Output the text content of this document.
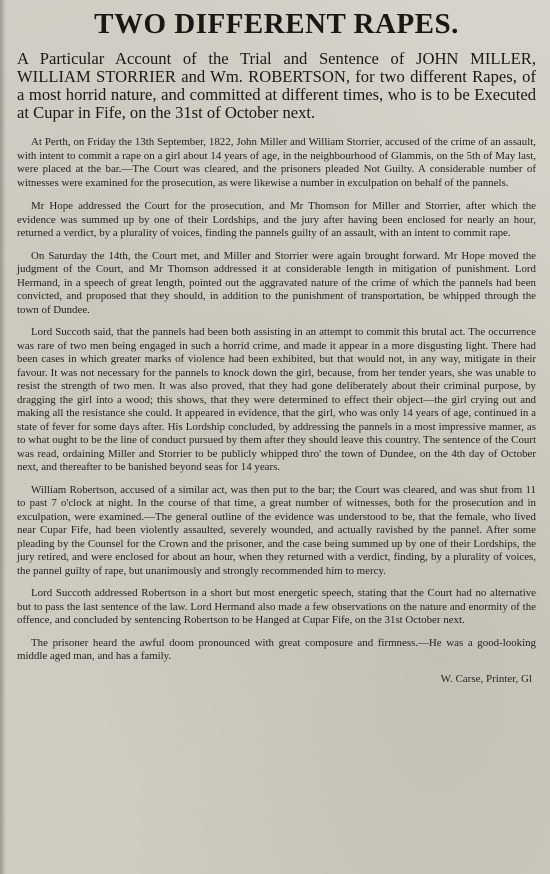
TWO DIFFERENT RAPES.

A Particular Account of the Trial and Sentence of JOHN MILLER, WILLIAM STORRIER and Wm. ROBERTSON, for two different Rapes, of a most horrid nature, and committed at different times, who is to be Executed at Cupar in Fife, on the 31st of October next.

At Perth, on Friday the 13th September, 1822, John Miller and William Storrier, accused of the crime of an assault, with intent to commit a rape on a girl about 14 years of age, in the neighbourhood of Glammis, on the 5th of May last, were placed at the bar.—The Court was cleared, and the prisoners pleaded Not Guilty. A considerable number of witnesses were examined for the prosecution, as were likewise a number in exculpation on behalf of the pannels.

Mr Hope addressed the Court for the prosecution, and Mr Thomson for Miller and Storrier, after which the evidence was summed up by one of their Lordships, and the jury after having been enclosed for nearly an hour, returned a verdict, by a plurality of voices, finding the pannels guilty of an assault, with an intent to commit rape.

On Saturday the 14th, the Court met, and Miller and Storrier were again brought forward. Mr Hope moved the judgment of the Court, and Mr Thomson addressed it at considerable length in mitigation of punishment. Lord Hermand, in a speech of great length, pointed out the aggravated nature of the crime of which the pannels had been convicted, and proposed that they should, in addition to the punishment of transportation, be whipped through the town of Dundee.

Lord Succoth said, that the pannels had been both assisting in an attempt to commit this brutal act. The occurrence was rare of two men being engaged in such a horrid crime, and made it appear in a more disgusting light. There had been cases in which greater marks of violence had been exhibited, but that would not, in any way, mitigate in their favour. It was not necessary for the pannels to knock down the girl, because, from her tender years, she was unable to resist the strength of two men. It was also proved, that they had gone deliberately about their criminal purpose, by dragging the girl into a wood; this shows, that they were determined to effect their object—the girl crying out and making all the resistance she could. It appeared in evidence, that the girl, who was only 14 years of age, continued in a state of fever for some days after. His Lordship concluded, by addressing the pannels in a most impressive manner, as to what ought to be the line of conduct pursued by them after they should leave this country. The sentence of the Court was read, ordaining Miller and Storrier to be publicly whipped thro' the town of Dundee, on the 4th day of October next, and thereafter to be banished beyond seas for 14 years.

William Robertson, accused of a similar act, was then put to the bar; the Court was cleared, and was shut from 11 to past 7 o'clock at night. In the course of that time, a great number of witnesses, both for the prosecution and in exculpation, were examined.—The general outline of the evidence was understood to be, that the female, who lived near Cupar Fife, had been violently assaulted, severely wounded, and actually ravished by the pannel. After some pleading by the Counsel for the Crown and the prisoner, and the case being summed up by one of their Lordships, the jury retired, and were enclosed for about an hour, when they returned with a verdict, finding, by a plurality of voices, the pannel guilty of rape, but unanimously and strongly recommended him to mercy.

Lord Succoth addressed Robertson in a short but most energetic speech, stating that the Court had no alternative but to pass the last sentence of the law. Lord Hermand also made a few observations on the nature and enormity of the offence, and concluded by sentencing Robertson to be Hanged at Cupar Fife, on the 31st October next.

The prisoner heard the awful doom pronounced with great composure and firmness.—He was a good-looking middle aged man, and has a family.

W. Carse, Printer, Gl
